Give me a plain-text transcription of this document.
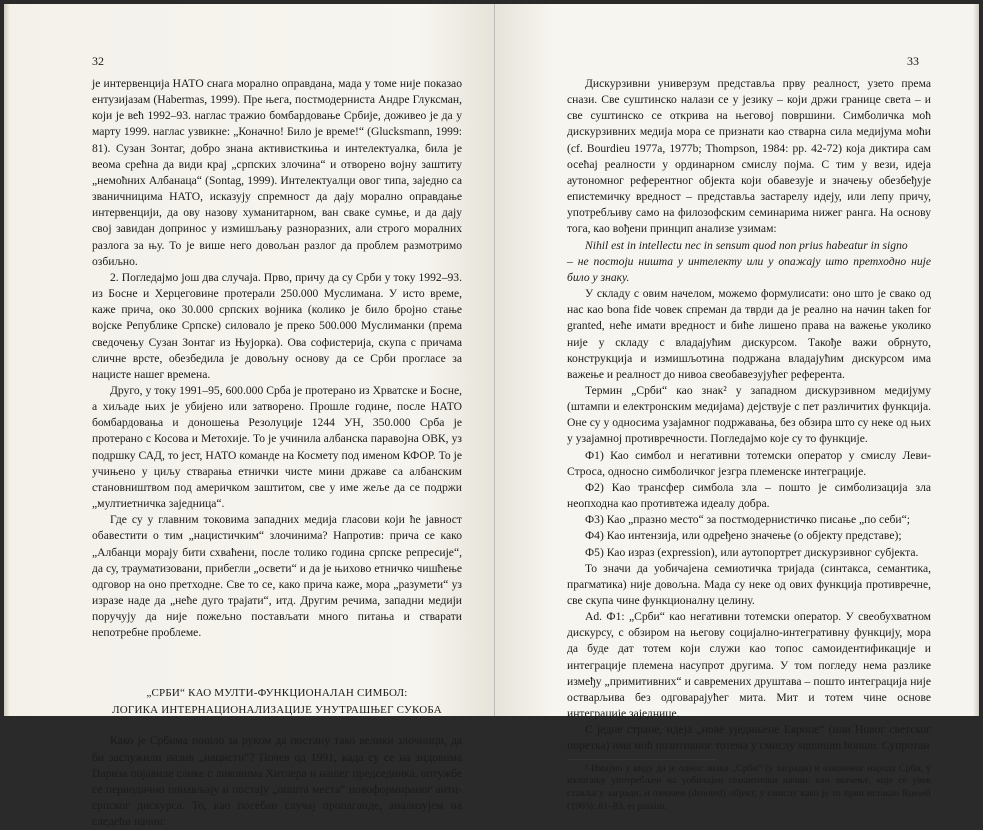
32

је интервенција НАТО снага морално оправдана, мада у томе није показао ентузијазам (Habermas, 1999). Пре њега, постмодерниста Андре Глуксман, који је већ 1992–93. наглас тражио бомбардовање Србије, доживео је да у марту 1999. наглас узвикне: „Коначно! Било је време!“ (Glucksmann, 1999: 81). Сузан Зонтаг, добро знана активисткиња и интелектуалка, била је веома срећна да види крај „српских злочина“ и отворено војну заштиту „немоћних Албанаца“ (Sontag, 1999). Интелектуалци овог типа, заједно са званичницима НАТО, исказују спремност да дају морално оправдање интервенцији, да ову назову хуманитарном, ван сваке сумње, и да дају свој завидан допринос у измишљању разноразних, али строго моралних разлога за њу. То је више него довољан разлог да проблем размотримо озбиљно.

2. Погледајмо још два случаја. Прво, причу да су Срби у току 1992–93. из Босне и Херцеговине протерали 250.000 Муслимана. У исто време, каже прича, око 30.000 српских војника (колико је било бројно стање војске Републике Српске) силовало је преко 500.000 Муслиманки (према сведочењу Сузан Зонтаг из Њујорка). Ова софистерија, скупа с причама сличне врсте, обезбедила је довољну основу да се Срби прогласе за нацисте нашег времена.

Друго, у току 1991–95, 600.000 Срба је протерано из Хрватске и Босне, а хиљаде њих је убијено или затворено. Прошле године, после НАТО бомбардовања и доношења Резолуције 1244 УН, 350.000 Срба је протерано с Косова и Метохије. То је учинила албанска паравојна ОВК, уз подршку САД, то јест, НАТО команде на Космету под именом КФОР. То је учињено у циљу стварања етнички чисте мини државе са албанским становништвом под америчком заштитом, све у име жеље да се подржи „мултиетничка заједница“.

Где су у главним токовима западних медија гласови који ће јавност обавестити о тим „нацистичким“ злочинима? Напротив: прича се како „Албанци морају бити схваћени, после толико година српске репресије“, да су, трауматизовани, прибегли „освети“ и да је њихово етничко чишћење одговор на оно претходне. Све то се, како прича каже, мора „разумети“ уз изразе наде да „неће дуго трајати“, итд. Другим речима, западни медији поручују да није пожељно постављати много питања и стварати непотребне проблеме.

„СРБИ“ КАО МУЛТИ-ФУНКЦИОНАЛАН СИМБОЛ:
ЛОГИКА ИНТЕРНАЦИОНАЛИЗАЦИЈЕ УНУТРАШЊЕГ СУКОБА

Како је Србима пошло за руком да постану тако велики злочинци, да би заслужили назив „нацисти“? Почев од 1991, када су се на зидовима Париза појавиле слике с ликовима Хитлера и нашег председника, оптужбе се периодично понављају и постају „општа места“ новоформираног анти-српског дискурса. То, као посебан случај пропаганде, анализујем на следећи начин:

33

Дискурзивни универзум представља прву реалност, узето према снази. Све суштинско налази се у језику – који држи границе света – и све суштинско се открива на његовој површини. Симболичка моћ дискурзивних медија мора се признати као стварна сила медијума моћи (cf. Bourdieu 1977а, 1977b; Thompson, 1984: pp. 42-72) која диктира сам осећај реалности у ординарном смислу појма. С тим у вези, идеја аутономног референтног објекта који обавезује и значењу обезбеђује епистемичку вредност – представља застарелу идеју, или лепу причу, употребљиву само на филозофским семинарима нижег ранга. На основу тога, као вођени принцип анализе узимам:

Nihil est in intellectu nec in sensum quod non prius habeatur in signo

– не постоји ништа у интелекту или у опажају што претходно није било у знаку.

У складу с овим начелом, можемо формулисати: оно што је свако од нас као bona fide човек спреман да тврди да је реално на начин taken for granted, неће имати вредност и биће лишено права на важење уколико није у складу с владајућим дискурсом. Такође важи обрнуто, конструкција и измишљотина подржана владајућим дискурсом има важење и реалност до нивоа свеобавезујућег референта.

Термин „Срби“ као знак² у западном дискурзивном медијуму (штампи и електронским медијама) дејствује с пет различитих функција. Оне су у односима узајамног подржавања, без обзира што су неке од њих у узајамној противречности. Погледајмо које су то функције.

Ф1) Као симбол и негативни тотемски оператор у смислу Леви-Строса, односно симболичког језгра племенске интеграције.

Ф2) Као трансфер симбола зла – пошто је симболизација зла неопходна као противтежа идеалу добра.

Ф3) Као „празно место“ за постмодернистичко писање „по себи“;

Ф4) Као интензија, или одређено значење (о објекту представе);

Ф5) Као израз (expression), или аутопортрет дискурзивног субјекта.

То значи да уобичајена семиотичка тријада (синтакса, семантика, прагматика) није довољна. Мада су неке од ових функција противречне, све скупа чине функционалну целину.

Ad. Ф1: „Срби“ као негативни тотемски оператор. У свеобухватном дискурсу, с обзиром на његову социјално-интегративну функцију, мора да буде дат тотем који служи као топос самоидентификације и интеграције племена насупрот другима. У том погледу нема разлике између „примитивних“ и савремених друштава – пошто интеграција није остварљива без одговарајућег мита. Мит и тотем чине основе интеграције заједнице.

С једне стране, идеја „нове уједињене Европе“ (или Новог светског поретка) има моћ позитивног тотема у смислу summum bonum. Супротан

² Имајмо у виду да је однос знака „Срби“ (у загради) и означеног народа Срби, у излагању употребљен на уобичајен семантички начин: као значење, које се увек ставља у загради, и означен (denoted) објект, у смислу како је то први истакао Russell (1905): 81–83, et passim.
